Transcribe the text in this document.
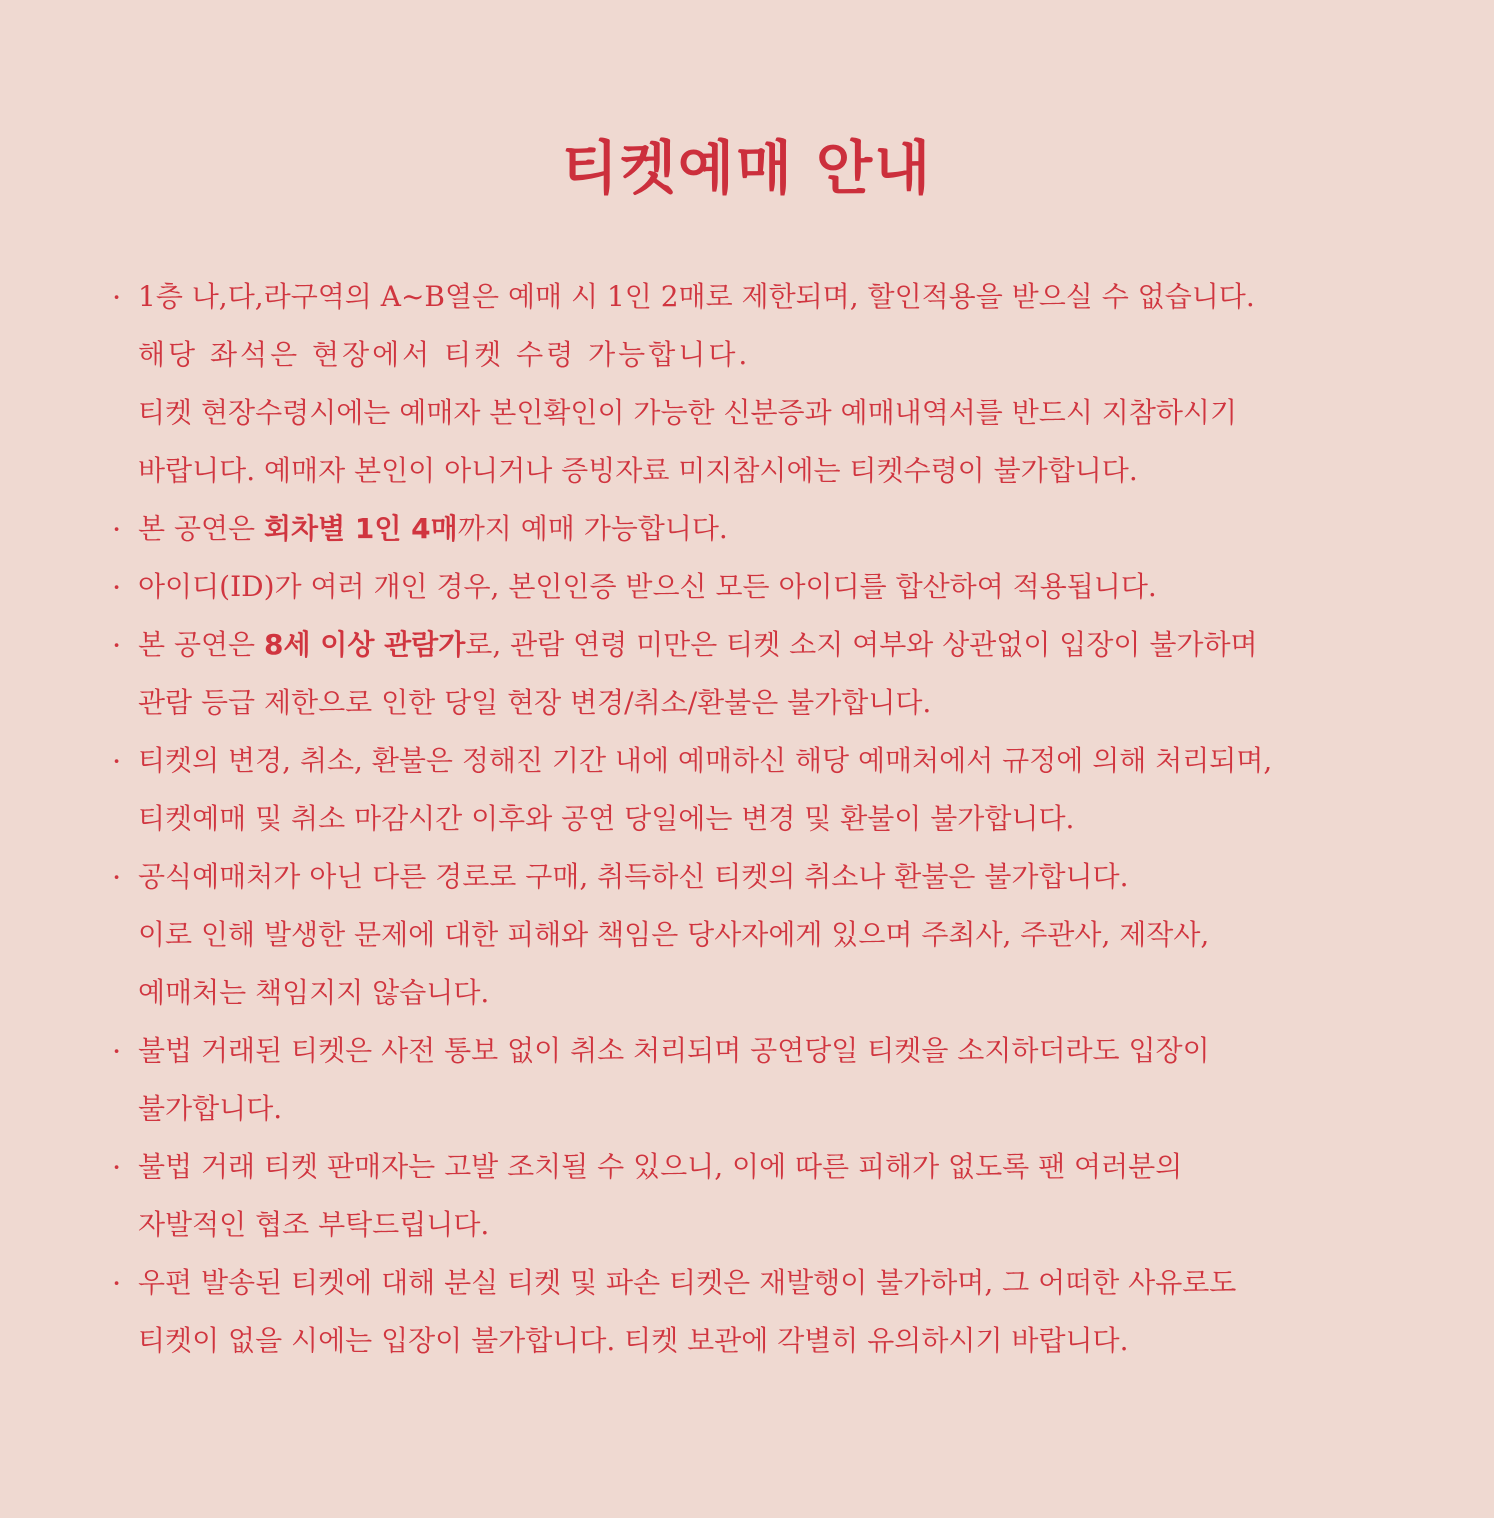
티켓예매 안내
· 1층 나,다,라구역의 A~B열은 예매 시 1인 2매로 제한되며, 할인적용을 받으실 수 없습니다.
해당 좌석은 현장에서 티켓 수령 가능합니다.
티켓 현장수령시에는 예매자 본인확인이 가능한 신분증과 예매내역서를 반드시 지참하시기
바랍니다. 예매자 본인이 아니거나 증빙자료 미지참시에는 티켓수령이 불가합니다.
· 본 공연은 회차별 1인 4매까지 예매 가능합니다.
· 아이디(ID)가 여러 개인 경우, 본인인증 받으신 모든 아이디를 합산하여 적용됩니다.
· 본 공연은 8세 이상 관람가로, 관람 연령 미만은 티켓 소지 여부와 상관없이 입장이 불가하며
관람 등급 제한으로 인한 당일 현장 변경/취소/환불은 불가합니다.
· 티켓의 변경, 취소, 환불은 정해진 기간 내에 예매하신 해당 예매처에서 규정에 의해 처리되며,
티켓예매 및 취소 마감시간 이후와 공연 당일에는 변경 및 환불이 불가합니다.
· 공식예매처가 아닌 다른 경로로 구매, 취득하신 티켓의 취소나 환불은 불가합니다.
이로 인해 발생한 문제에 대한 피해와 책임은 당사자에게 있으며 주최사, 주관사, 제작사,
예매처는 책임지지 않습니다.
· 불법 거래된 티켓은 사전 통보 없이 취소 처리되며 공연당일 티켓을 소지하더라도 입장이
불가합니다.
· 불법 거래 티켓 판매자는 고발 조치될 수 있으니, 이에 따른 피해가 없도록 팬 여러분의
자발적인 협조 부탁드립니다.
· 우편 발송된 티켓에 대해 분실 티켓 및 파손 티켓은 재발행이 불가하며, 그 어떠한 사유로도
티켓이 없을 시에는 입장이 불가합니다. 티켓 보관에 각별히 유의하시기 바랍니다.
